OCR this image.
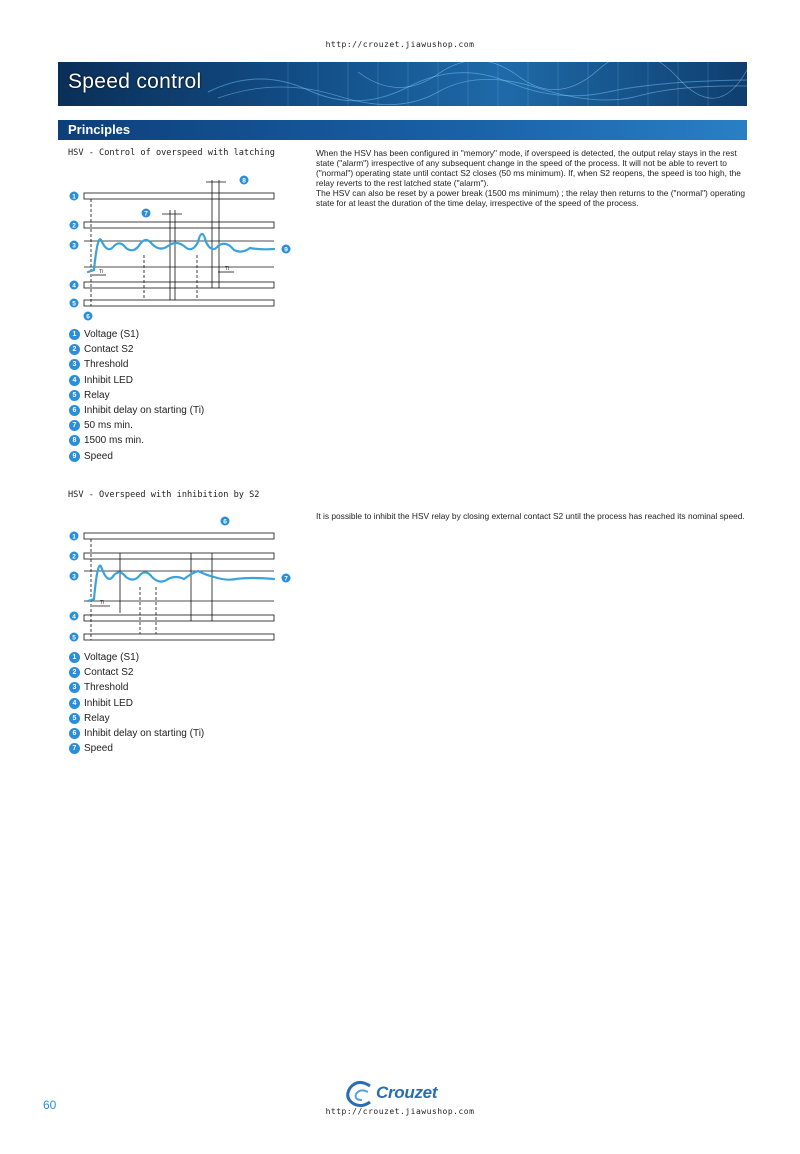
http://crouzet.jiawushop.com
Speed control
Principles
HSV - Control of overspeed with latching	When the HSV has been configured in "memory" mode, if overspeed is detected, the output relay stays in the rest state ("alarm") irrespective of any subsequent change in the speed of the process. It will not be able to revert to ("normal") operating state until contact S2 closes (50 ms minimum). If, when S2 reopens, the speed is too high, the relay reverts to the rest latched state ("alarm").
The HSV can also be reset by a power break (1500 ms minimum) ; the relay then returns to the ("normal") operating state for at least the duration of the time delay, irrespective of the speed of the process.

1
2
3
4
5
6
7
8
9
Ti	Ti
1 Voltage (S1)
2 Contact S2
3 Threshold
4 Inhibit LED
5 Relay
6 Inhibit delay on starting (Ti)
7 50 ms min.
8 1500 ms min.
9 Speed
HSV - Overspeed with inhibition by S2

It is possible to inhibit the HSV relay by closing external contact S2 until the process has reached its nominal speed.

1
2
3
4
5
6
7
Ti
1 Voltage (S1)
2 Contact S2
3 Threshold
4 Inhibit LED
5 Relay
6 Inhibit delay on starting (Ti)
7 Speed
60
Crouzet
http://crouzet.jiawushop.com
